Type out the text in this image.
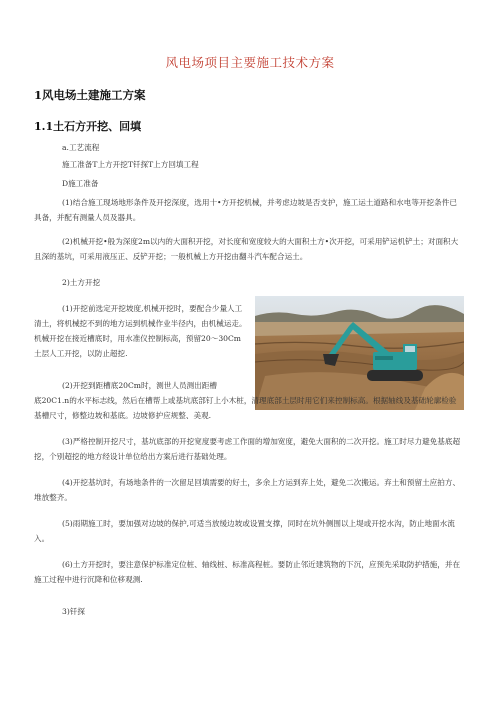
风电场项目主要施工技术方案
1风电场土建施工方案
1.1土石方开挖、回填
a.工艺流程
施工准备T上方开挖T钎探T上方回填工程
D施工准备
(1)结合施工现场地形条件及开挖深度，选用十•方开挖机械，并考虑边坡是否支护，施工运土道路和水电等开挖条件已具备，并配有测量人员及器具。
(2)机械开挖•般为深度2m以内的大面积开挖，对长度和宽度较大的大面积土方•次开挖，可采用铲运机铲土；对面积大且深的基坑，可采用液压正、反铲开挖；一般机械上方开挖由翻斗汽车配合运土。
2)土方开挖
(1)开挖前选定开挖坡度,机械开挖时，要配合少量人工清土，将机械挖不到的地方运到机械作业半径内，由机械运走。机械开挖在接近槽底时，用水准仪控制标高，预留20～30Cm土层人工开挖，以防止超挖.
(2)开挖到距槽底20Cm时，测世人员测出距槽
底20C1.n的水平标志线，然后在槽帮上或基坑底部钉上小木桩，清理底部土层时用它们来控制标高。根据轴线及基础轮廓检验基槽尺寸，修整边坡和基底。边坡修护应规整、美观.
(3)严格控制开挖尺寸，基坑底部的开挖宽度要考虑工作面的增加宽度，避免大面积的二次开挖。施工时尽力避免基底超挖，个别超挖的地方经设计单位给出方案后进行基础处理。
(4)开挖基坑时，有场地条件的一次留足回填需要的好土，多余上方运到弃上处，避免二次搬运。弃土和预留土应拍方、堆放整齐。
(5)雨期施工时，要加强对边坡的保护,可适当放缓边坡或设置支撑，同时在坑外侧围以上堤或开挖水沟，防止地面水流入。
(6)土方开挖时，要注意保护标准定位桩、轴线桩、标准高程桩。要防止邻近建筑物的下沉，应预先采取防护措施，并在施工过程中进行沉降和位移观测.
3)钎探
